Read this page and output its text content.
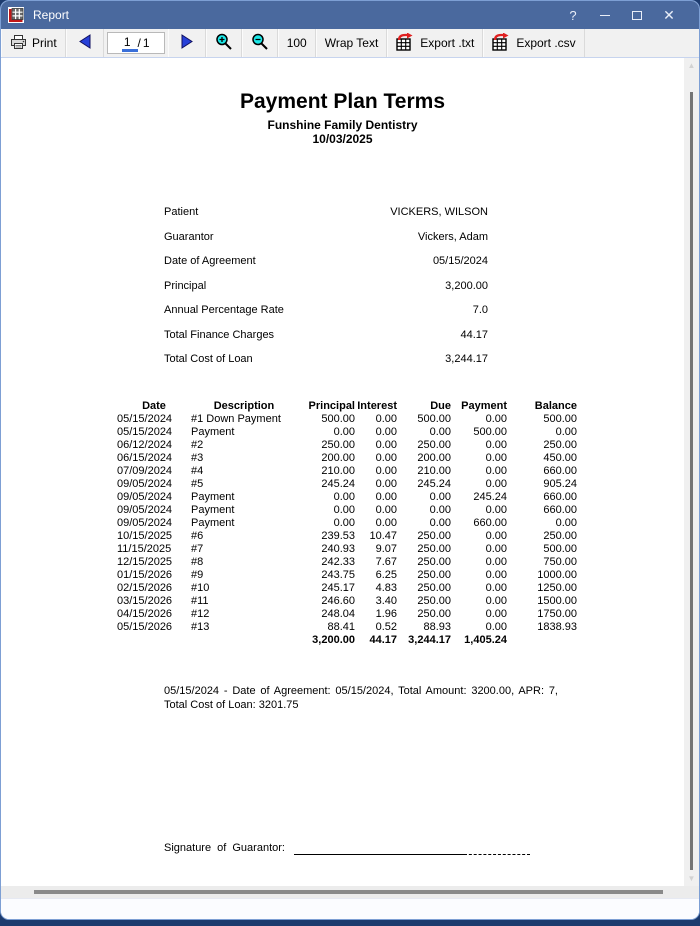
Report	?	✕
Print	1 / 1	100	Wrap Text	Export .txt	Export .csv
Payment Plan Terms
Funshine Family Dentistry
10/03/2025
Patient	VICKERS, WILSON
Guarantor	Vickers, Adam
Date of Agreement	05/15/2024
Principal	3,200.00
Annual Percentage Rate	7.0
Total Finance Charges	44.17
Total Cost of Loan	3,244.17
Date	Description	Principal	Interest	Due	Payment	Balance
05/15/2024	#1 Down Payment	500.00	0.00	500.00	0.00	500.00
05/15/2024	Payment	0.00	0.00	0.00	500.00	0.00
06/12/2024	#2	250.00	0.00	250.00	0.00	250.00
06/15/2024	#3	200.00	0.00	200.00	0.00	450.00
07/09/2024	#4	210.00	0.00	210.00	0.00	660.00
09/05/2024	#5	245.24	0.00	245.24	0.00	905.24
09/05/2024	Payment	0.00	0.00	0.00	245.24	660.00
09/05/2024	Payment	0.00	0.00	0.00	0.00	660.00
09/05/2024	Payment	0.00	0.00	0.00	660.00	0.00
10/15/2025	#6	239.53	10.47	250.00	0.00	250.00
11/15/2025	#7	240.93	9.07	250.00	0.00	500.00
12/15/2025	#8	242.33	7.67	250.00	0.00	750.00
01/15/2026	#9	243.75	6.25	250.00	0.00	1000.00
02/15/2026	#10	245.17	4.83	250.00	0.00	1250.00
03/15/2026	#11	246.60	3.40	250.00	0.00	1500.00
04/15/2026	#12	248.04	1.96	250.00	0.00	1750.00
05/15/2026	#13	88.41	0.52	88.93	0.00	1838.93
		3,200.00	44.17	3,244.17	1,405.24	
05/15/2024 - Date of Agreement: 05/15/2024, Total Amount: 3200.00, APR: 7, Total Cost of Loan: 3201.75
Signature of Guarantor:
▲
▼
